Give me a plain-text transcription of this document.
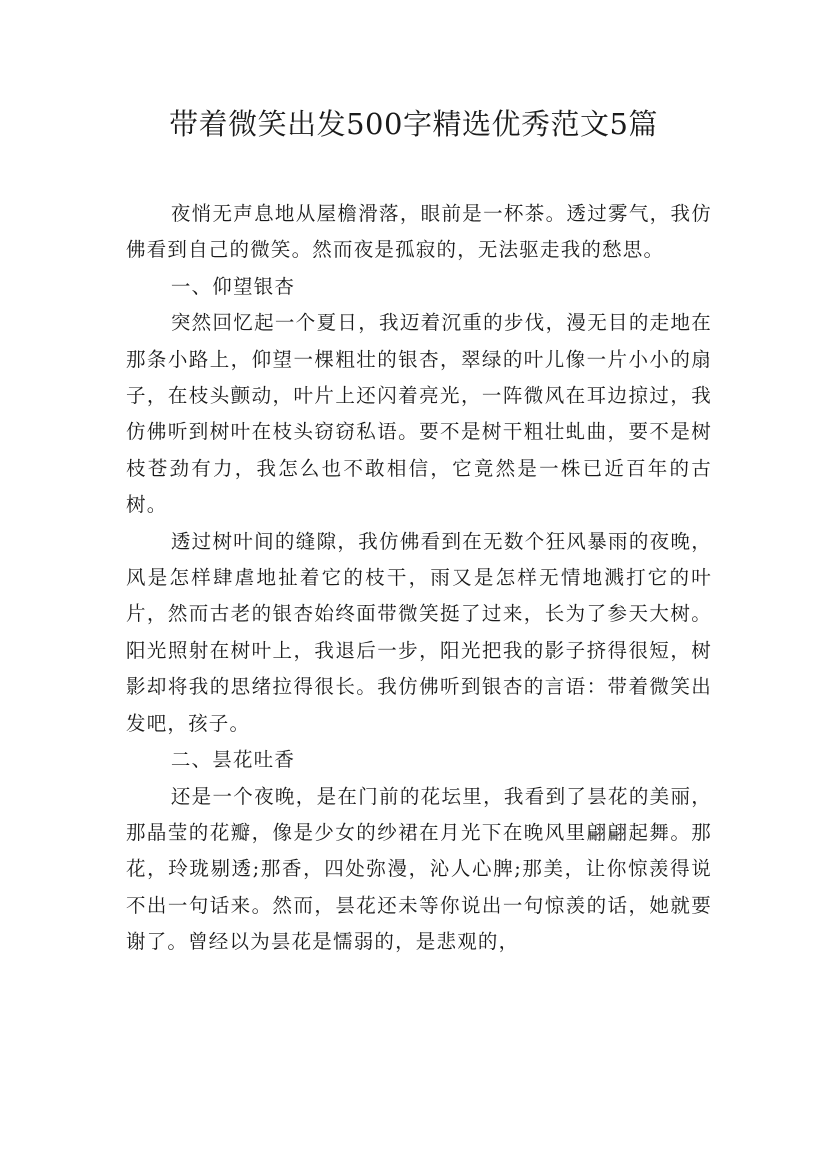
带着微笑出发500字精选优秀范文5篇

夜悄无声息地从屋檐滑落，眼前是一杯茶。透过雾气，我仿佛看到自己的微笑。然而夜是孤寂的，无法驱走我的愁思。

一、仰望银杏

突然回忆起一个夏日，我迈着沉重的步伐，漫无目的走地在那条小路上，仰望一棵粗壮的银杏，翠绿的叶儿像一片小小的扇子，在枝头颤动，叶片上还闪着亮光，一阵微风在耳边掠过，我仿佛听到树叶在枝头窃窃私语。要不是树干粗壮虬曲，要不是树枝苍劲有力，我怎么也不敢相信，它竟然是一株已近百年的古树。

透过树叶间的缝隙，我仿佛看到在无数个狂风暴雨的夜晚，风是怎样肆虐地扯着它的枝干，雨又是怎样无情地溅打它的叶片，然而古老的银杏始终面带微笑挺了过来，长为了参天大树。阳光照射在树叶上，我退后一步，阳光把我的影子挤得很短，树影却将我的思绪拉得很长。我仿佛听到银杏的言语：带着微笑出发吧，孩子。

二、昙花吐香

还是一个夜晚，是在门前的花坛里，我看到了昙花的美丽，那晶莹的花瓣，像是少女的纱裙在月光下在晚风里翩翩起舞。那花，玲珑剔透;那香，四处弥漫，沁人心脾;那美，让你惊羡得说不出一句话来。然而，昙花还未等你说出一句惊羡的话，她就要谢了。曾经以为昙花是懦弱的，是悲观的，
